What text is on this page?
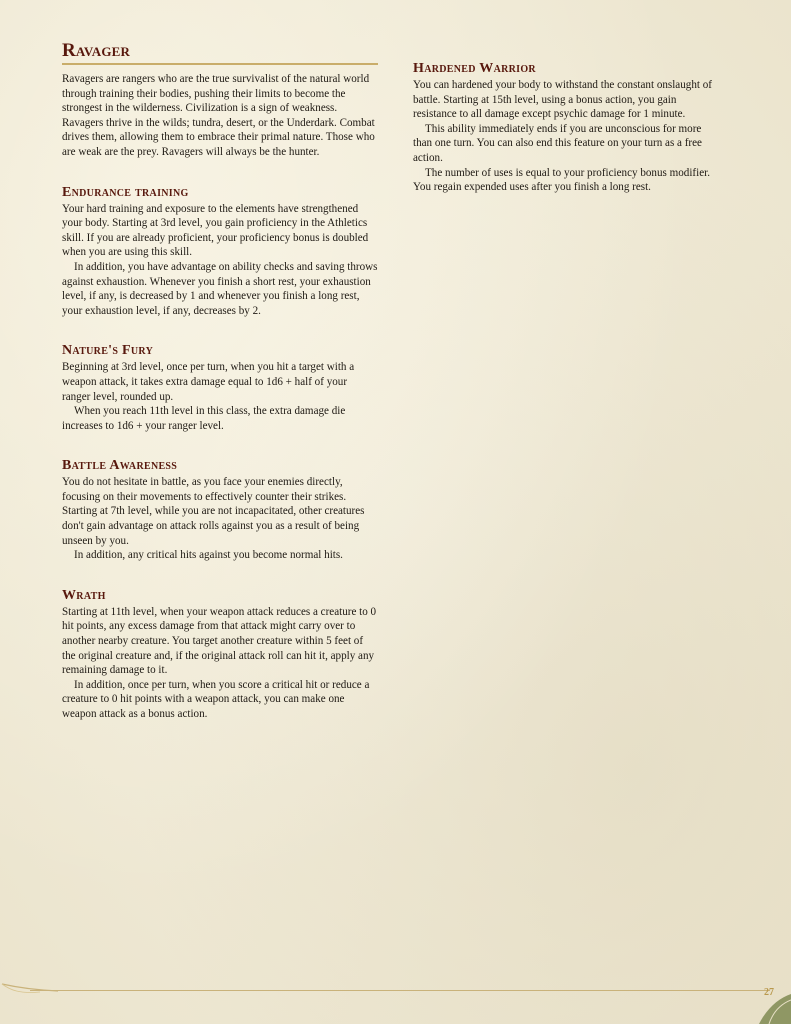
Ravager

Ravagers are rangers who are the true survivalist of the natural world through training their bodies, pushing their limits to become the strongest in the wilderness. Civilization is a sign of weakness. Ravagers thrive in the wilds; tundra, desert, or the Underdark. Combat drives them, allowing them to embrace their primal nature. Those who are weak are the prey. Ravagers will always be the hunter.

Endurance training

Your hard training and exposure to the elements have strengthened your body. Starting at 3rd level, you gain proficiency in the Athletics skill. If you are already proficient, your proficiency bonus is doubled when you are using this skill.

In addition, you have advantage on ability checks and saving throws against exhaustion. Whenever you finish a short rest, your exhaustion level, if any, is decreased by 1 and whenever you finish a long rest, your exhaustion level, if any, decreases by 2.

Nature's Fury

Beginning at 3rd level, once per turn, when you hit a target with a weapon attack, it takes extra damage equal to 1d6 + half of your ranger level, rounded up.

When you reach 11th level in this class, the extra damage die increases to 1d6 + your ranger level.

Battle Awareness

You do not hesitate in battle, as you face your enemies directly, focusing on their movements to effectively counter their strikes. Starting at 7th level, while you are not incapacitated, other creatures don't gain advantage on attack rolls against you as a result of being unseen by you.

In addition, any critical hits against you become normal hits.

Wrath

Starting at 11th level, when your weapon attack reduces a creature to 0 hit points, any excess damage from that attack might carry over to another nearby creature. You target another creature within 5 feet of the original creature and, if the original attack roll can hit it, apply any remaining damage to it.

In addition, once per turn, when you score a critical hit or reduce a creature to 0 hit points with a weapon attack, you can make one weapon attack as a bonus action.

Hardened Warrior

You can hardened your body to withstand the constant onslaught of battle. Starting at 15th level, using a bonus action, you gain resistance to all damage except psychic damage for 1 minute.

This ability immediately ends if you are unconscious for more than one turn. You can also end this feature on your turn as a free action.

The number of uses is equal to your proficiency bonus modifier. You regain expended uses after you finish a long rest.

27
